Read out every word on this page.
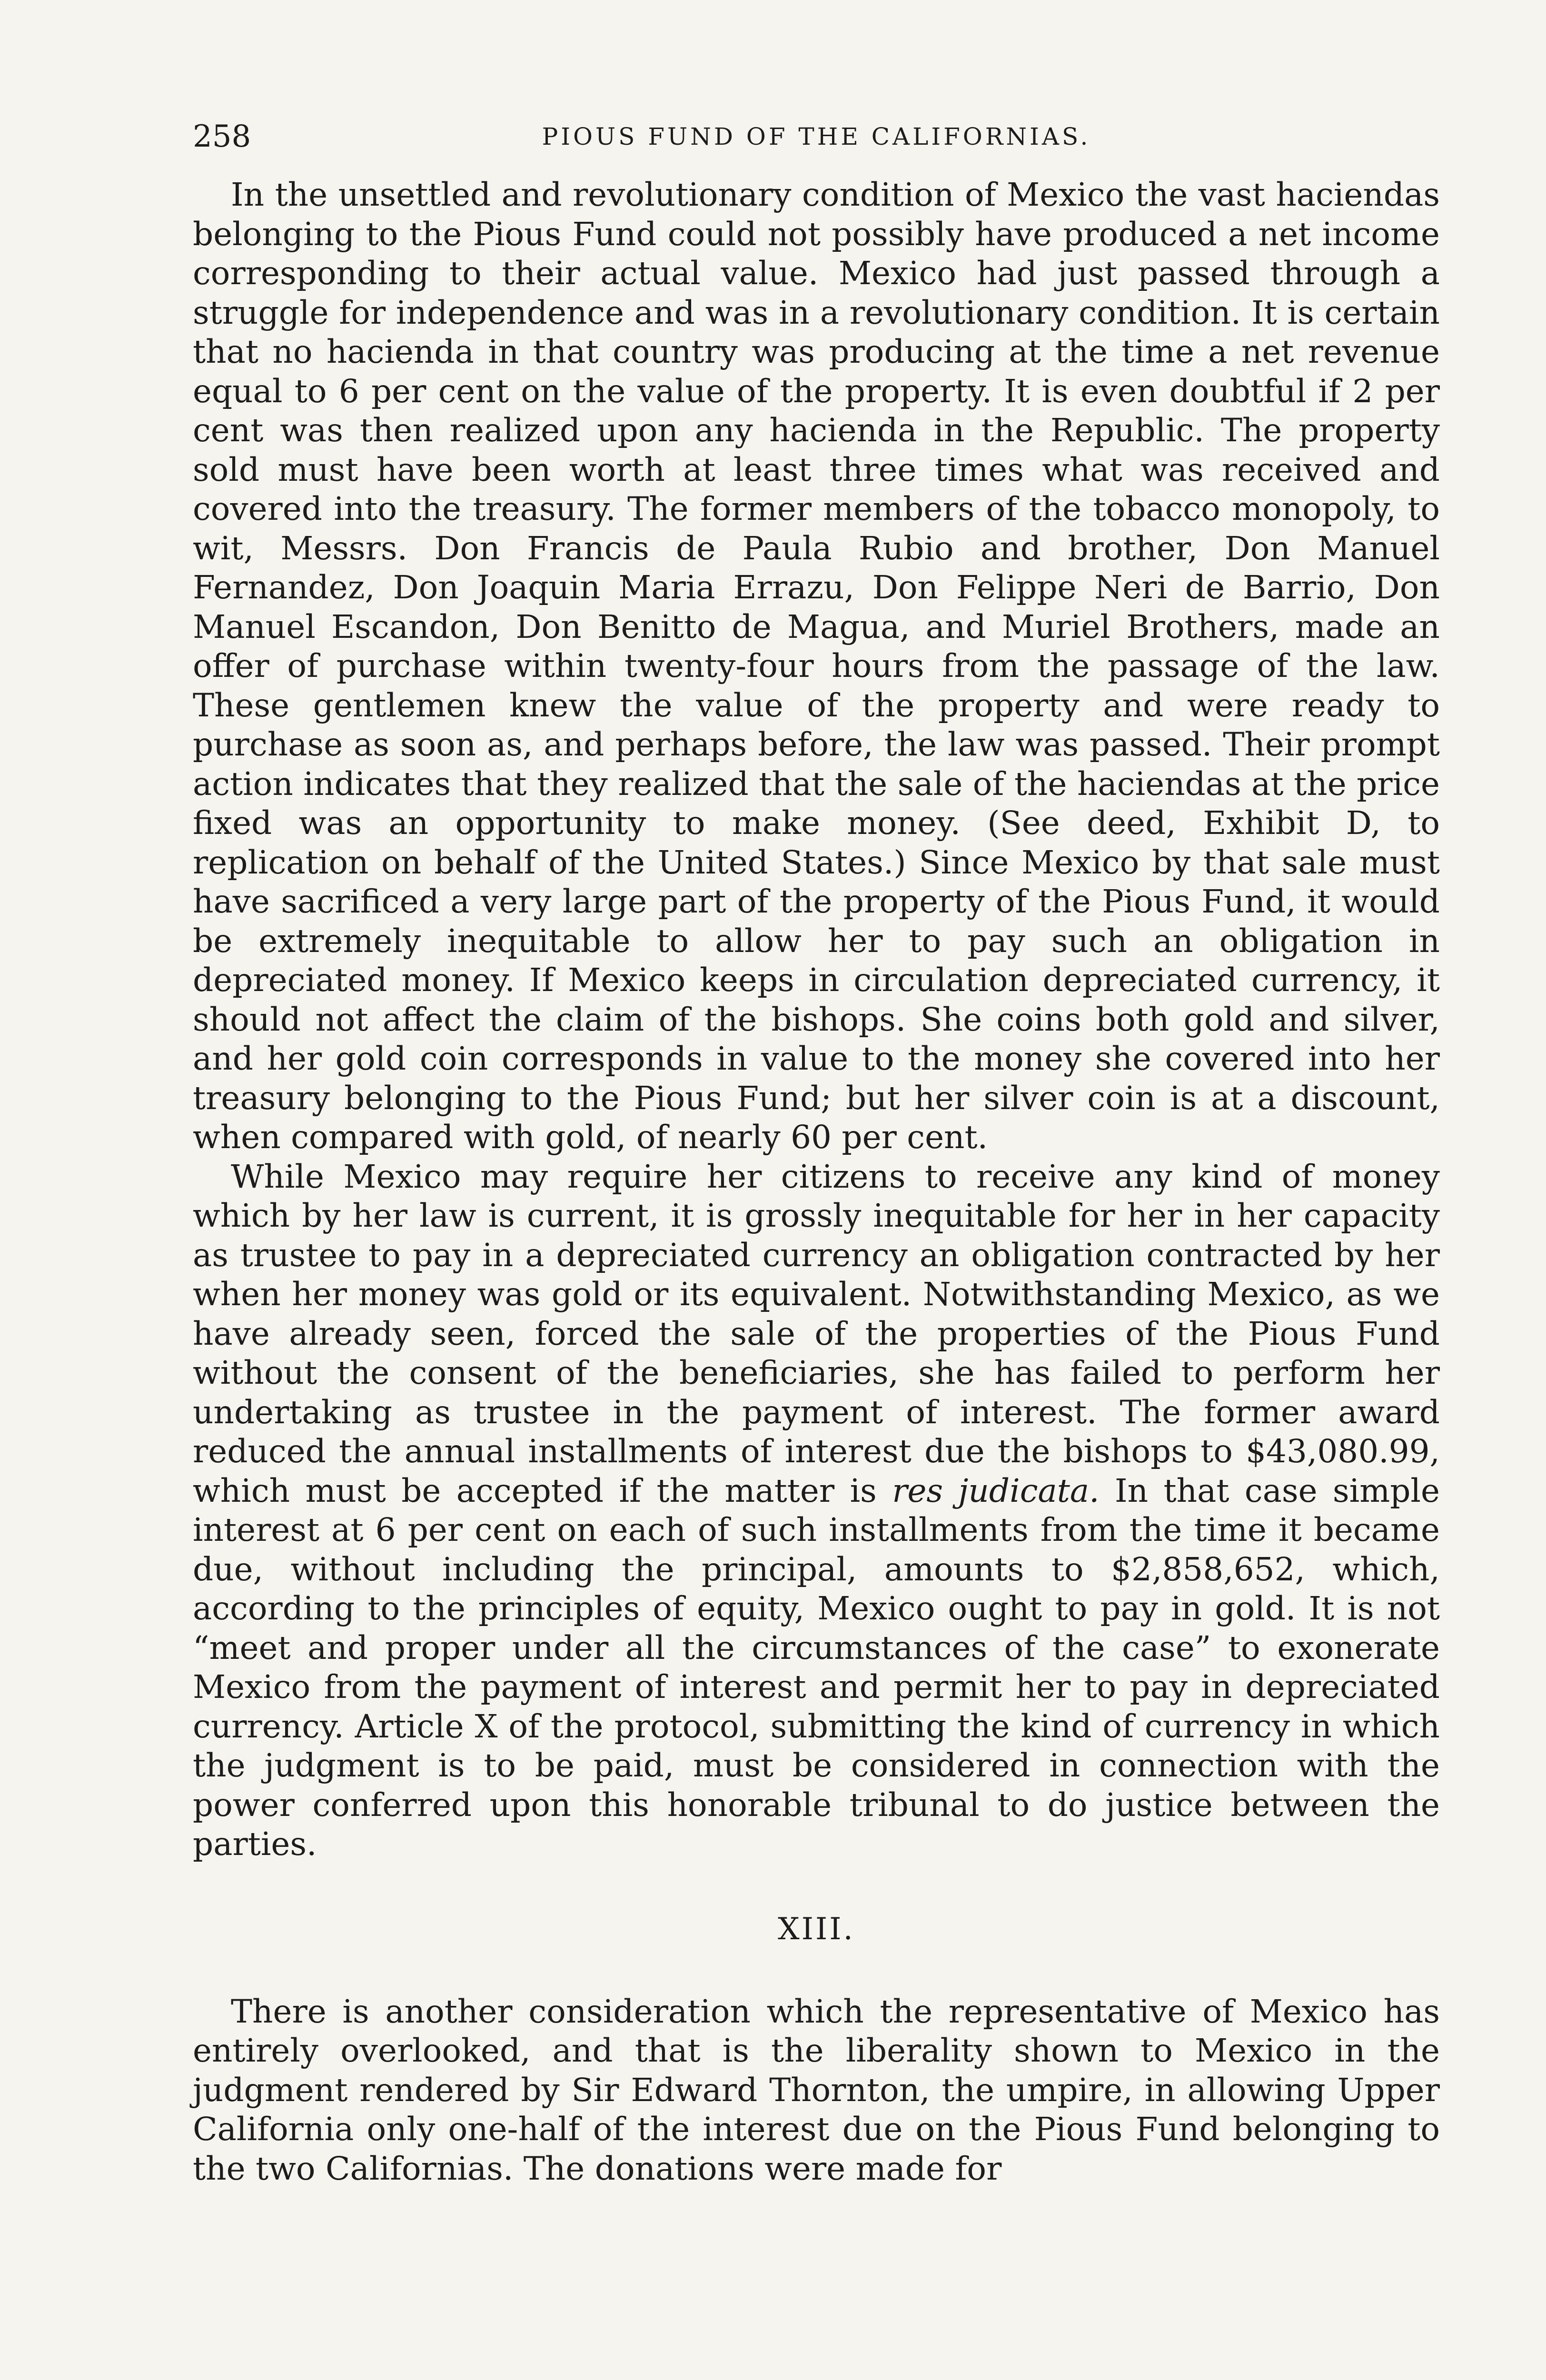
258	PIOUS FUND OF THE CALIFORNIAS.

In the unsettled and revolutionary condition of Mexico the vast haciendas belonging to the Pious Fund could not possibly have produced a net income corresponding to their actual value. Mexico had just passed through a struggle for independence and was in a revolutionary condition. It is certain that no hacienda in that country was producing at the time a net revenue equal to 6 per cent on the value of the property. It is even doubtful if 2 per cent was then realized upon any hacienda in the Republic. The property sold must have been worth at least three times what was received and covered into the treasury. The former members of the tobacco monopoly, to wit, Messrs. Don Francis de Paula Rubio and brother, Don Manuel Fernandez, Don Joaquin Maria Errazu, Don Felippe Neri de Barrio, Don Manuel Escandon, Don Benitto de Magua, and Muriel Brothers, made an offer of purchase within twenty-four hours from the passage of the law. These gentlemen knew the value of the property and were ready to purchase as soon as, and perhaps before, the law was passed. Their prompt action indicates that they realized that the sale of the haciendas at the price fixed was an opportunity to make money. (See deed, Exhibit D, to replication on behalf of the United States.) Since Mexico by that sale must have sacrificed a very large part of the property of the Pious Fund, it would be extremely inequitable to allow her to pay such an obligation in depreciated money. If Mexico keeps in circulation depreciated currency, it should not affect the claim of the bishops. She coins both gold and silver, and her gold coin corresponds in value to the money she covered into her treasury belonging to the Pious Fund; but her silver coin is at a discount, when compared with gold, of nearly 60 per cent.

While Mexico may require her citizens to receive any kind of money which by her law is current, it is grossly inequitable for her in her capacity as trustee to pay in a depreciated currency an obligation contracted by her when her money was gold or its equivalent. Notwithstanding Mexico, as we have already seen, forced the sale of the properties of the Pious Fund without the consent of the beneficiaries, she has failed to perform her undertaking as trustee in the payment of interest. The former award reduced the annual installments of interest due the bishops to $43,080.99, which must be accepted if the matter is res judicata. In that case simple interest at 6 per cent on each of such installments from the time it became due, without including the principal, amounts to $2,858,652, which, according to the principles of equity, Mexico ought to pay in gold. It is not “meet and proper under all the circumstances of the case” to exonerate Mexico from the payment of interest and permit her to pay in depreciated currency. Article X of the protocol, submitting the kind of currency in which the judgment is to be paid, must be considered in connection with the power conferred upon this honorable tribunal to do justice between the parties.

XIII.

There is another consideration which the representative of Mexico has entirely overlooked, and that is the liberality shown to Mexico in the judgment rendered by Sir Edward Thornton, the umpire, in allowing Upper California only one-half of the interest due on the Pious Fund belonging to the two Californias. The donations were made for
